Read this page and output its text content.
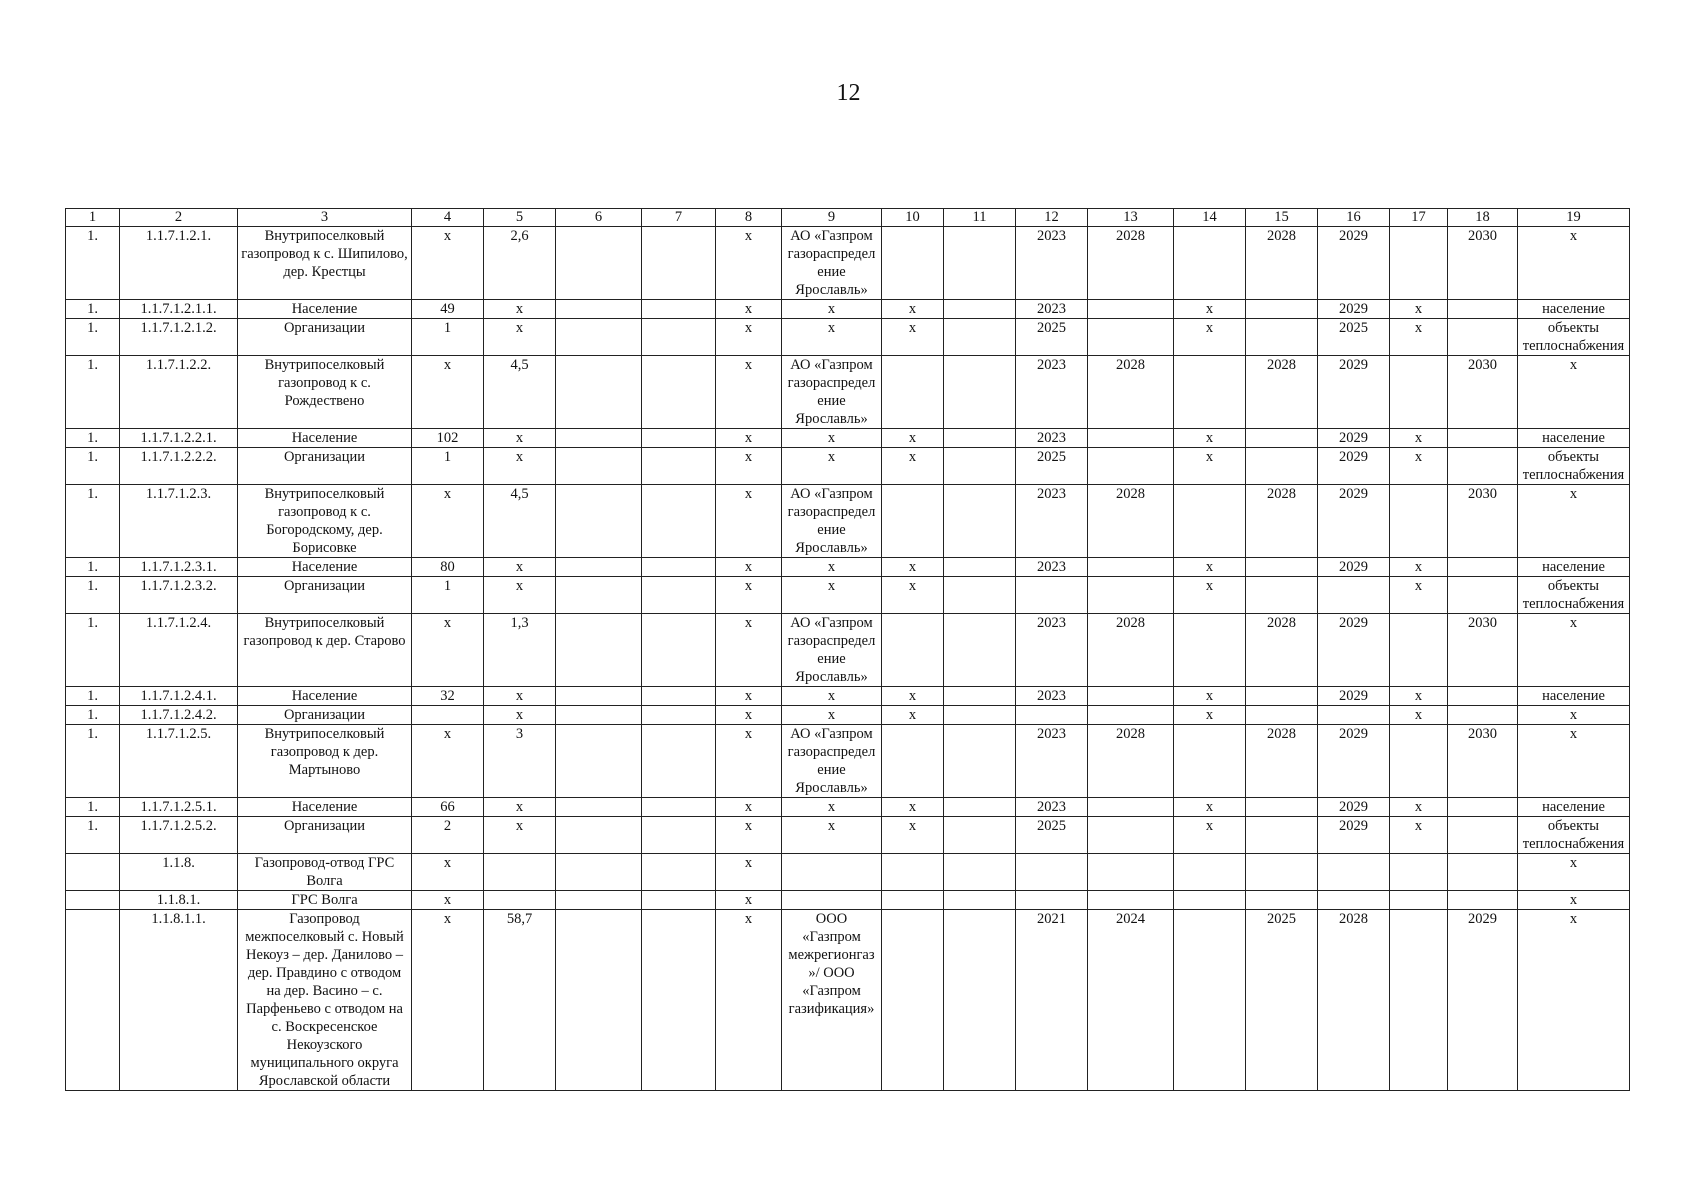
12
1	2	3	4	5	6	7	8	9	10	11	12	13	14	15	16	17	18	19
1.	1.1.7.1.2.1.	Внутрипоселковый газопровод к с. Шипилово, дер. Крестцы	х	2,6			х	АО «Газпром газораспределение Ярославль»			2023	2028		2028	2029		2030	х
1.	1.1.7.1.2.1.1.	Население	49	х			х	х	х		2023		х		2029	х		население
1.	1.1.7.1.2.1.2.	Организации	1	х			х	х	х		2025		х		2025	х		объекты теплоснабжения
1.	1.1.7.1.2.2.	Внутрипоселковый газопровод к с. Рождествено	х	4,5			х	АО «Газпром газораспределение Ярославль»			2023	2028		2028	2029		2030	х
1.	1.1.7.1.2.2.1.	Население	102	х			х	х	х		2023		х		2029	х		население
1.	1.1.7.1.2.2.2.	Организации	1	х			х	х	х		2025		х		2029	х		объекты теплоснабжения
1.	1.1.7.1.2.3.	Внутрипоселковый газопровод к с. Богородскому, дер. Борисовке	х	4,5			х	АО «Газпром газораспределение Ярославль»			2023	2028		2028	2029		2030	х
1.	1.1.7.1.2.3.1.	Население	80	х			х	х	х		2023		х		2029	х		население
1.	1.1.7.1.2.3.2.	Организации	1	х			х	х	х				х			х		объекты теплоснабжения
1.	1.1.7.1.2.4.	Внутрипоселковый газопровод к дер. Старово	х	1,3			х	АО «Газпром газораспределение Ярославль»			2023	2028		2028	2029		2030	х
1.	1.1.7.1.2.4.1.	Население	32	х			х	х	х		2023		х		2029	х		население
1.	1.1.7.1.2.4.2.	Организации		х			х	х	х				х			х		х
1.	1.1.7.1.2.5.	Внутрипоселковый газопровод к дер. Мартыново	х	3			х	АО «Газпром газораспределение Ярославль»			2023	2028		2028	2029		2030	х
1.	1.1.7.1.2.5.1.	Население	66	х			х	х	х		2023		х		2029	х		население
1.	1.1.7.1.2.5.2.	Организации	2	х			х	х	х		2025		х		2029	х		объекты теплоснабжения
	1.1.8.	Газопровод-отвод ГРС Волга	х				х											х
	1.1.8.1.	ГРС Волга	х				х											х
	1.1.8.1.1.	Газопровод межпоселковый с. Новый Некоуз – дер. Данилово – дер. Правдино с отводом на дер. Васино – с. Парфеньево с отводом на с. Воскресенское Некоузского муниципального округа Ярославской области	х	58,7			х	ООО «Газпром межрегионгаз»/ ООО «Газпром газификация»			2021	2024		2025	2028		2029	х
